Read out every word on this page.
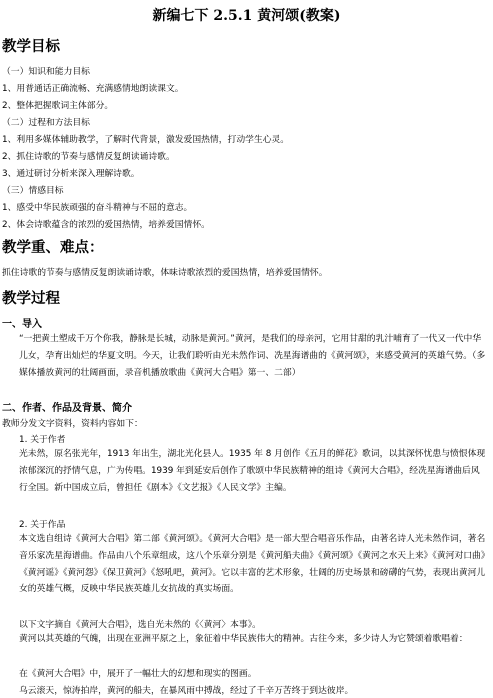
新编七下 2.5.1 黄河颂(教案)
教学目标
（一）知识和能力目标
1、用普通话正确流畅、充满感情地朗读课文。
2、整体把握歌词主体部分。
（二）过程和方法目标
1、利用多媒体辅助教学，了解时代背景，激发爱国热情，打动学生心灵。
2、抓住诗歌的节奏与感情反复朗读诵诗歌。
3、通过研讨分析来深入理解诗歌。
（三）情感目标
1、感受中华民族顽强的奋斗精神与不屈的意志。
2、体会诗歌蕴含的浓烈的爱国热情，培养爱国情怀。
教学重、难点：
抓住诗歌的节奏与感情反复朗读诵诗歌，体味诗歌浓烈的爱国热情，培养爱国情怀。
教学过程
一、导入
“一把黄土塑成千万个你我，静脉是长城，动脉是黄河。”黄河，是我们的母亲河，它用甘甜的乳汁哺育了一代又一代中华儿女，孕育出灿烂的华夏文明。今天，让我们聆听由光未然作词、冼星海谱曲的《黄河颂》，来感受黄河的英雄气势。（多媒体播放黄河的壮阔画面，录音机播放歌曲《黄河大合唱》第一、二部）
二、作者、作品及背景、简介
教师分发文字资料，资料内容如下：
1. 关于作者
光未然，原名张光年，1913 年出生，湖北光化县人。1935 年 8 月创作《五月的鲜花》歌词，以其深怀忧患与愤恨体现浓郁深沉的抒情气息，广为传唱。1939 年到延安后创作了歌颂中华民族精神的组诗《黄河大合唱》，经冼星海谱曲后风行全国。新中国成立后，曾担任《剧本》《文艺报》《人民文学》主编。
2. 关于作品
本文选自组诗《黄河大合唱》第二部《黄河颂》。《黄河大合唱》是一部大型合唱音乐作品，由著名诗人光未然作词，著名音乐家冼星海谱曲。作品由八个乐章组成，这八个乐章分别是《黄河船夫曲》《黄河颂》《黄河之水天上来》《黄河对口曲》《黄河谣》《黄河怨》《保卫黄河》《怒吼吧，黄河》。它以丰富的艺术形象，壮阔的历史场景和磅礴的气势，表现出黄河儿女的英雄气概，反映中华民族英雄儿女抗战的真实场面。
以下文字摘自《黄河大合唱》，选自光未然的《〈黄河〉本事》。
黄河以其英雄的气魄，出现在亚洲平原之上，象征着中华民族伟大的精神。古往今来，多少诗人为它赞颂着歌唱着：
在《黄河大合唱》中，展开了一幅壮大的幻想和现实的图画。
乌云滚天，惊涛拍岸，黄河的船夫，在暴风雨中搏战，经过了千辛万苦终于到达彼岸。
